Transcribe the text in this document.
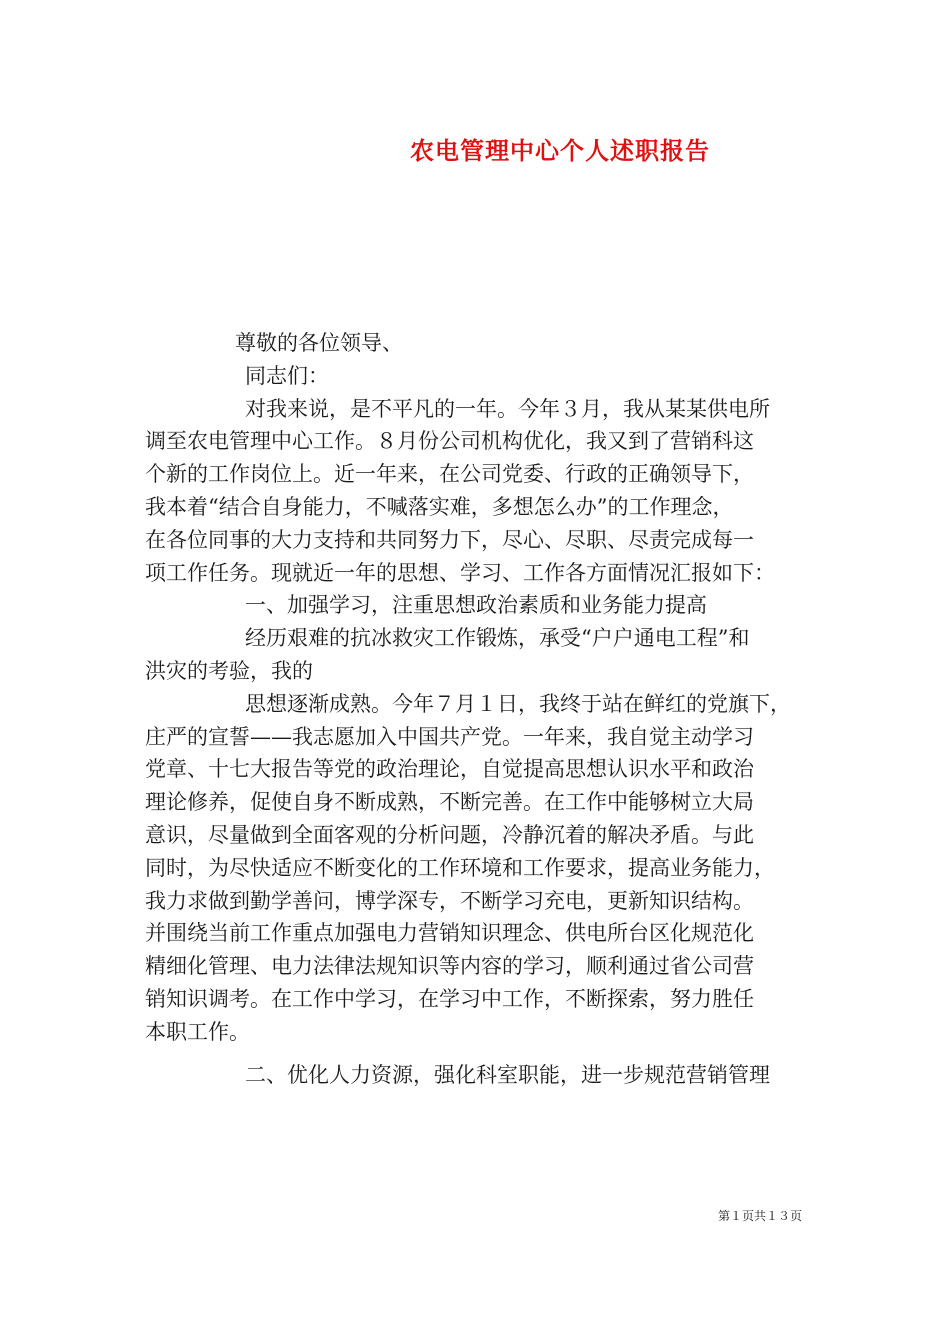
农电管理中心个人述职报告
尊敬的各位领导、
同志们：
对我来说，是不平凡的一年。今年３月，我从某某供电所
调至农电管理中心工作。８月份公司机构优化，我又到了营销科这
个新的工作岗位上。近一年来，在公司党委、行政的正确领导下，
我本着“结合自身能力，不喊落实难，多想怎么办”的工作理念，
在各位同事的大力支持和共同努力下，尽心、尽职、尽责完成每一
项工作任务。现就近一年的思想、学习、工作各方面情况汇报如下：
一、加强学习，注重思想政治素质和业务能力提高
经历艰难的抗冰救灾工作锻炼，承受“户户通电工程”和
洪灾的考验，我的
思想逐渐成熟。今年７月１日，我终于站在鲜红的党旗下，
庄严的宣誓——我志愿加入中国共产党。一年来，我自觉主动学习
党章、十七大报告等党的政治理论，自觉提高思想认识水平和政治
理论修养，促使自身不断成熟，不断完善。在工作中能够树立大局
意识，尽量做到全面客观的分析问题，冷静沉着的解决矛盾。与此
同时，为尽快适应不断变化的工作环境和工作要求，提高业务能力，
我力求做到勤学善问，博学深专，不断学习充电，更新知识结构。
并围绕当前工作重点加强电力营销知识理念、供电所台区化规范化
精细化管理、电力法律法规知识等内容的学习，顺利通过省公司营
销知识调考。在工作中学习，在学习中工作，不断探索，努力胜任
本职工作。
二、优化人力资源，强化科室职能，进一步规范营销管理
第１页共１３页
